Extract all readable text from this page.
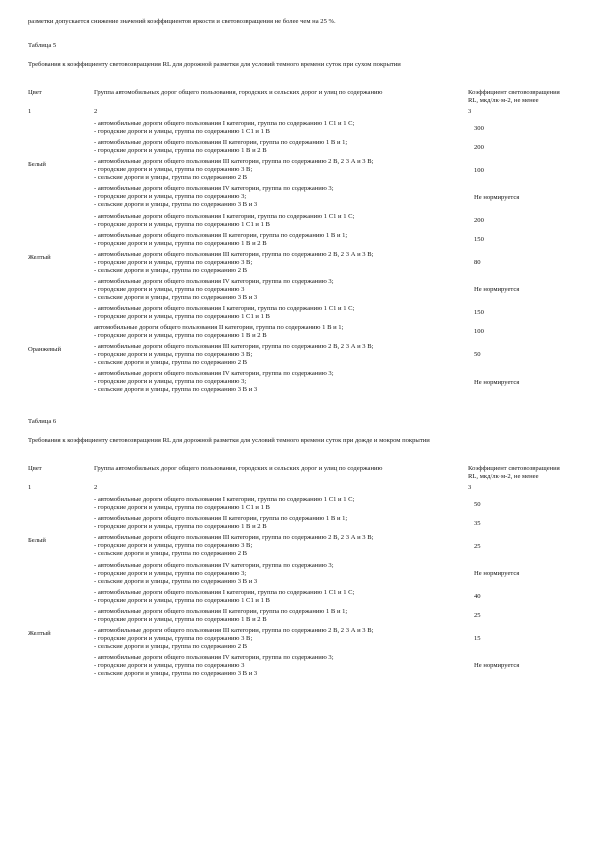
разметки допускается снижение значений коэффициентов яркости и световозвращения не более чем на 25 %.

Таблица 5

Требования к коэффициенту световозвращения RL для дорожной разметки для условий темного времени суток при сухом покрытии

Цвет	Группа автомобильных дорог общего пользования, городских и сельских дорог и улиц по содержанию	Коэффициент световозвращения RL, мкд/лк·м-2, не менее
1	2	3
Белый	- автомобильные дороги общего пользования I категории, группа по содержанию 1 С1 и 1 С;
- городские дороги и улицы, группа по содержанию 1 С1 и 1 В	300

	- автомобильные дороги общего пользования II категории, группа по содержанию 1 В и 1;
- городские дороги и улицы, группа по содержанию 1 В и 2 В	200

	- автомобильные дороги общего пользования III категории, группа по содержанию 2 В, 2 3 А и 3 В;
- городские дороги и улицы, группа по содержанию 3 В;
- сельские дороги и улицы, группа по содержанию 2 В	100

	- автомобильные дороги общего пользования IV категории, группа по содержанию 3;
- городские дороги и улицы, группа по содержанию 3;
- сельские дороги и улицы, группа по содержанию 3 В и 3	Не нормируется
Желтый	- автомобильные дороги общего пользования I категории, группа по содержанию 1 С1 и 1 С;
- городские дороги и улицы, группа по содержанию 1 С1 и 1 В	200

	- автомобильные дороги общего пользования II категории, группа по содержанию 1 В и 1;
- городские дороги и улицы, группа по содержанию 1 В и 2 В	150

	- автомобильные дороги общего пользования III категории, группа по содержанию 2 В, 2 3 А и 3 В;
- городские дороги и улицы, группа по содержанию 3 В;
- сельские дороги и улицы, группа по содержанию 2 В	80

	- автомобильные дороги общего пользования IV категории, группа по содержанию 3;
- городские дороги и улицы, группа по содержанию 3
- сельские дороги и улицы, группа по содержанию 3 В и 3	Не нормируется
Оранжевый	- автомобильные дороги общего пользования I категории, группа по содержанию 1 С1 и 1 С;
- городские дороги и улицы, группа по содержанию 1 С1 и 1 В	150

	автомобильные дороги общего пользования II категории, группа по содержанию 1 В и 1;
- городские дороги и улицы, группа по содержанию 1 В и 2 В	100

	- автомобильные дороги общего пользования III категории, группа по содержанию 2 В, 2 3 А и 3 В;
- городские дороги и улицы, группа по содержанию 3 В;
- сельские дороги и улицы, группа по содержанию 2 В	50

	- автомобильные дороги общего пользования IV категории, группа по содержанию 3;
- городские дороги и улицы, группа по содержанию 3;
- сельские дороги и улицы, группа по содержанию 3 В и 3	Не нормируется

Таблица 6

Требования к коэффициенту световозвращения RL для дорожной разметки для условий темного времени суток при дожде и мокром покрытии

Цвет	Группа автомобильных дорог общего пользования, городских и сельских дорог и улиц по содержанию	Коэффициент световозвращения RL, мкд/лк·м-2, не менее
1	2	3
Белый	- автомобильные дороги общего пользования I категории, группа по содержанию 1 С1 и 1 С;
- городские дороги и улицы, группа по содержанию 1 С1 и 1 В	50

	- автомобильные дороги общего пользования II категории, группа по содержанию 1 В и 1;
- городские дороги и улицы, группа по содержанию 1 В и 2 В	35

	- автомобильные дороги общего пользования III категории, группа по содержанию 2 В, 2 3 А и 3 В;
- городские дороги и улицы, группа по содержанию 3 В;
- сельские дороги и улицы, группа по содержанию 2 В	25

	- автомобильные дороги общего пользования IV категории, группа по содержанию 3;
- городские дороги и улицы, группа по содержанию 3;
- сельские дороги и улицы, группа по содержанию 3 В и 3	Не нормируется
Желтый	- автомобильные дороги общего пользования I категории, группа по содержанию 1 С1 и 1 С;
- городские дороги и улицы, группа по содержанию 1 С1 и 1 В	40

	- автомобильные дороги общего пользования II категории, группа по содержанию 1 В и 1;
- городские дороги и улицы, группа по содержанию 1 В и 2 В	25

	- автомобильные дороги общего пользования III категории, группа по содержанию 2 В, 2 3 А и 3 В;
- городские дороги и улицы, группа по содержанию 3 В;
- сельские дороги и улицы, группа по содержанию 2 В	15

	- автомобильные дороги общего пользования IV категории, группа по содержанию 3;
- городские дороги и улицы, группа по содержанию 3
- сельские дороги и улицы, группа по содержанию 3 В и 3	Не нормируется
